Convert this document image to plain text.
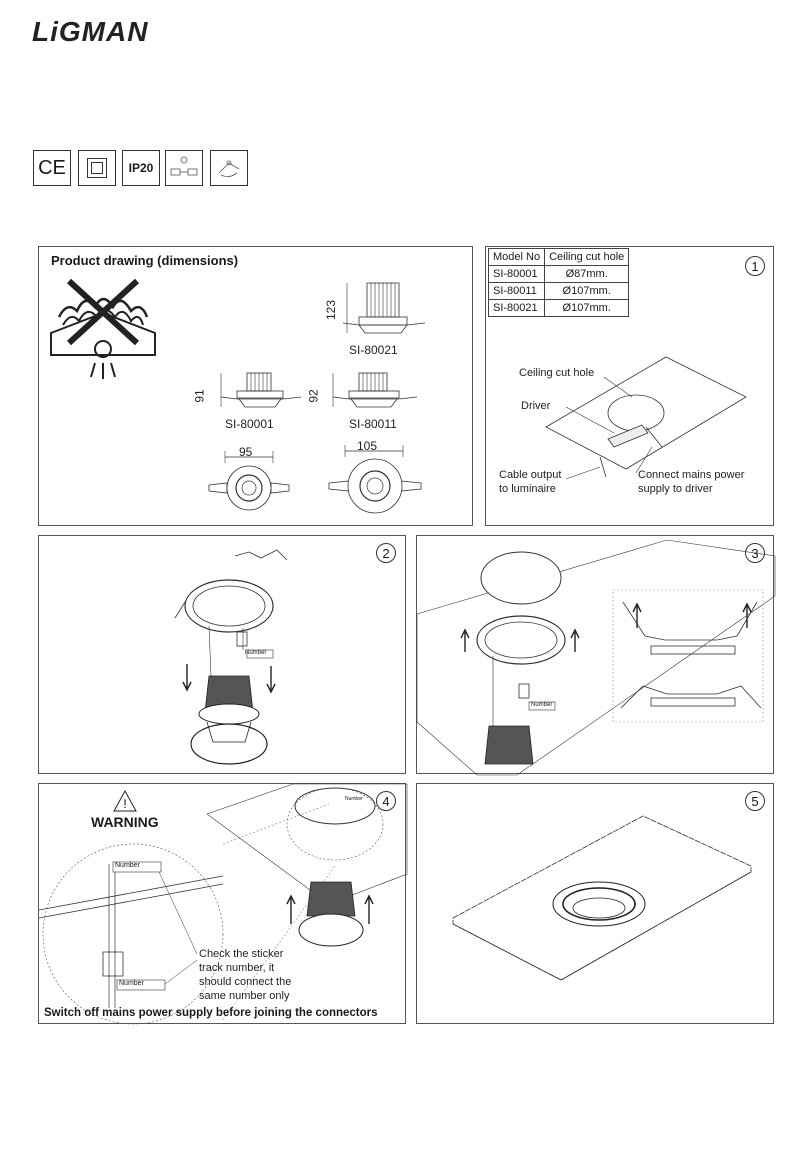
LiGMAN
CE	IP20
Product drawing (dimensions)
123
SI-80021
91
SI-80001
92
SI-80011
95	105
Model No	Ceiling cut hole
SI-80001	Ø87mm.
SI-80011	Ø107mm.
SI-80021	Ø107mm.
1
Ceiling cut hole
Driver
Cable output
to luminaire
Connect mains power
supply to driver
2
Number
3
Number
4
!
WARNING
Number
Number
Number
Check the sticker
track number, it
should connect the
same number only
Switch off mains power supply before joining the connectors
5
